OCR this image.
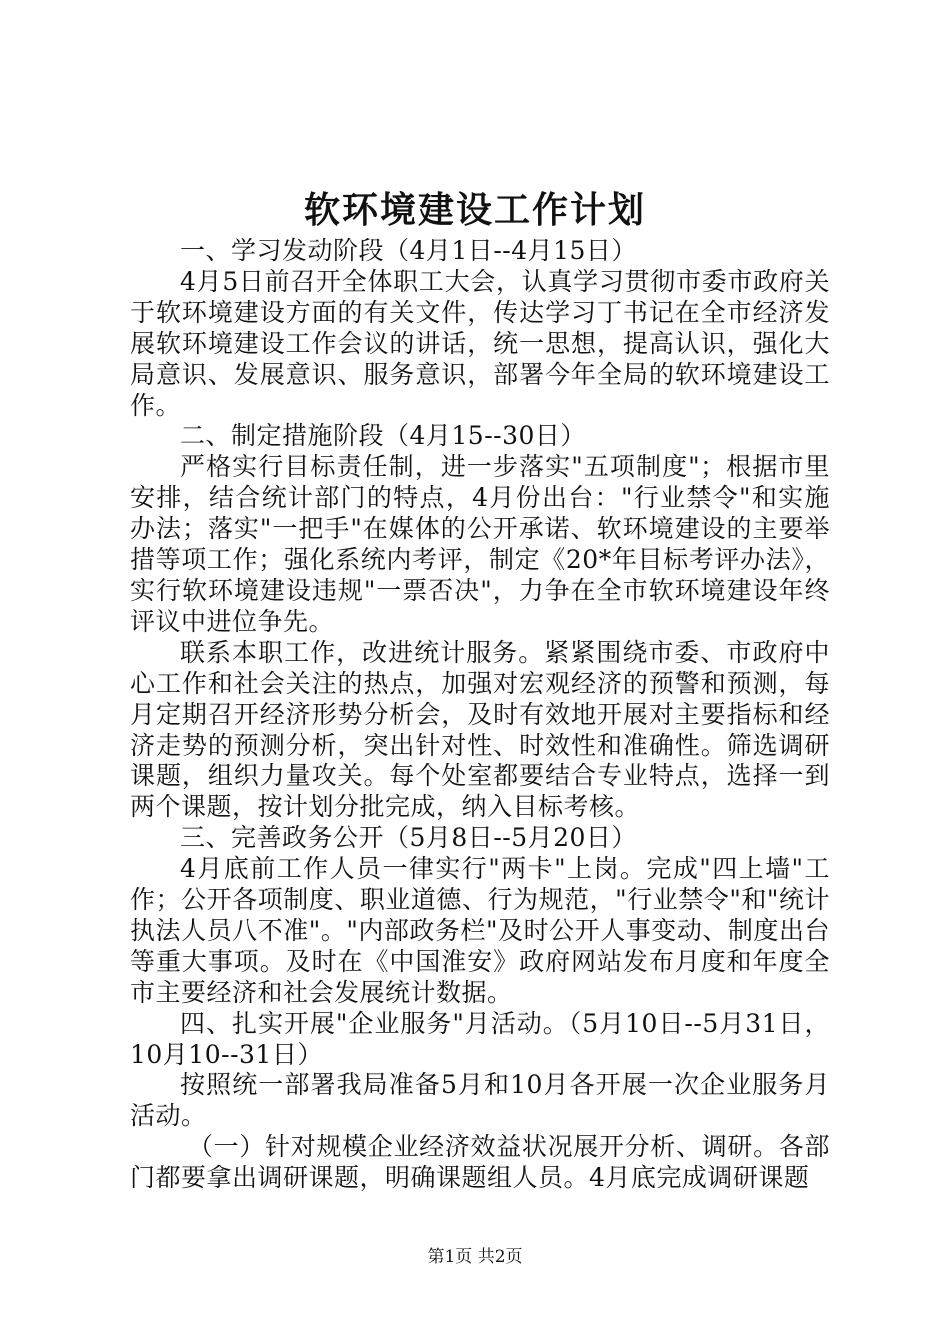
软环境建设工作计划

一、学习发动阶段（4月1日--4月15日）

4月5日前召开全体职工大会，认真学习贯彻市委市政府关于软环境建设方面的有关文件，传达学习丁书记在全市经济发展软环境建设工作会议的讲话，统一思想，提高认识，强化大局意识、发展意识、服务意识，部署今年全局的软环境建设工作。

二、制定措施阶段（4月15--30日）

严格实行目标责任制，进一步落实"五项制度"；根据市里安排，结合统计部门的特点，4月份出台："行业禁令"和实施办法；落实"一把手"在媒体的公开承诺、软环境建设的主要举措等项工作；强化系统内考评，制定《20*年目标考评办法》，实行软环境建设违规"一票否决"，力争在全市软环境建设年终评议中进位争先。

联系本职工作，改进统计服务。紧紧围绕市委、市政府中心工作和社会关注的热点，加强对宏观经济的预警和预测，每月定期召开经济形势分析会，及时有效地开展对主要指标和经济走势的预测分析，突出针对性、时效性和准确性。筛选调研课题，组织力量攻关。每个处室都要结合专业特点，选择一到两个课题，按计划分批完成，纳入目标考核。

三、完善政务公开（5月8日--5月20日）

4月底前工作人员一律实行"两卡"上岗。完成"四上墙"工作；公开各项制度、职业道德、行为规范，"行业禁令"和"统计执法人员八不准"。"内部政务栏"及时公开人事变动、制度出台等重大事项。及时在《中国淮安》政府网站发布月度和年度全市主要经济和社会发展统计数据。

四、扎实开展"企业服务"月活动。（5月10日--5月31日，10月10--31日）

按照统一部署我局准备5月和10月各开展一次企业服务月活动。

（一）针对规模企业经济效益状况展开分析、调研。各部门都要拿出调研课题，明确课题组人员。4月底完成调研课题

第1页 共2页
